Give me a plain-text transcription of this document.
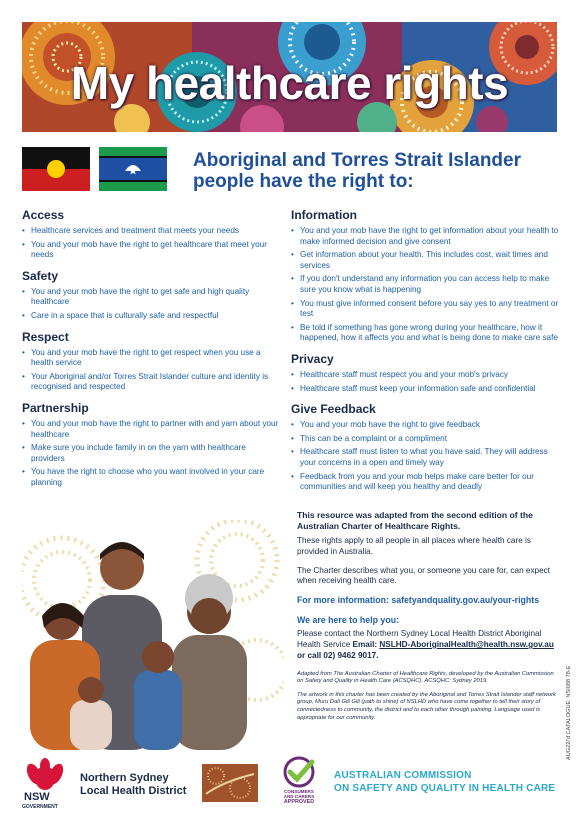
My healthcare rights
Aboriginal and Torres Strait Islander
people have the right to:
Access
• Healthcare services and treatment that meets your needs
• You and your mob have the right to get healthcare that meet your needs
Safety
• You and your mob have the right to get safe and high quality healthcare
• Care in a space that is culturally safe and respectful
Respect
• You and your mob have the right to get respect when you use a health service
• Your Aboriginal and/or Torres Strait Islander culture and identity is recognised and respected
Partnership
• You and your mob have the right to partner with and yarn about your healthcare
• Make sure you include family in on the yarn with healthcare providers
• You have the right to choose who you want involved in your care planning
Information
• You and your mob have the right to get information about your health to make informed decision and give consent
• Get information about your health. This includes cost, wait times and services
• If you don't understand any information you can access help to make sure you know what is happening
• You must give informed consent before you say yes to any treatment or test
• Be told if something has gone wrong during your healthcare, how it happened, how it affects you and what is being done to make care safe
Privacy
• Healthcare staff must respect you and your mob's privacy
• Healthcare staff must keep your information safe and confidential
Give Feedback
• You and your mob have the right to give feedback
• This can be a complaint or a compliment
• Healthcare staff must listen to what you have said. They will address your concerns in a open and timely way
• Feedback from you and your mob helps make care better for our communities and will keep you healthy and deadly
This resource was adapted from the second edition of the Australian Charter of Healthcare Rights.
These rights apply to all people in all places where health care is provided in Australia.
The Charter describes what you, or someone you care for, can expect when receiving health care.
For more information: safetyandquality.gov.au/your-rights
We are here to help you:
Please contact the Northern Sydney Local Health District Aboriginal Health Service Email: NSLHD-AboriginalHealth@health.nsw.gov.au or call 02) 9462 9017.
Adapted from The Australian Charter of Healthcare Rights, developed by the Australian Commission on Safety and Quality in Health Care (ACSQHC). ACSQHC: Sydney 2019.
The artwork in this charter has been created by the Aboriginal and Torres Strait Islander staff network group, Muru Dali Gili Gili (path to shine) of NSLHD who have come together to tell their story of connectedness to community, the district and to each other through painting. Language used is appropriate for our community.	AUG22/'d CATALOGUE: NSI088 78-E
NSW
GOVERNMENT
Northern Sydney
Local Health District	CONSUMERS
AND CARERS
APPROVED
AUSTRALIAN COMMISSION
ON SAFETY AND QUALITY IN HEALTH CARE
